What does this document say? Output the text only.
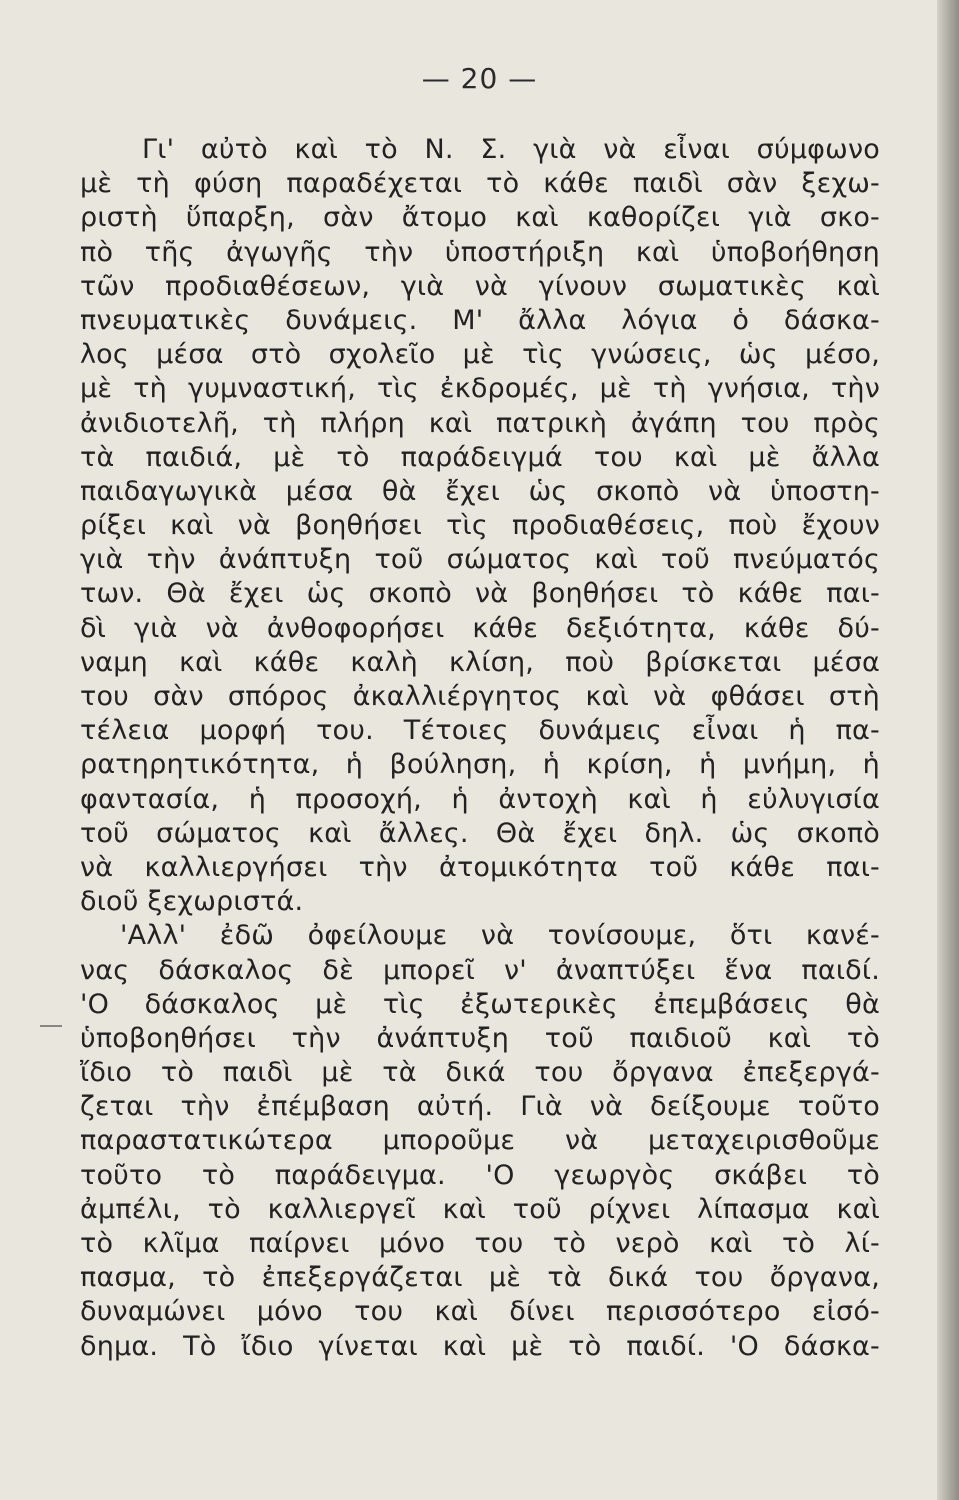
— 20 —
Γι' αὐτὸ καὶ τὸ Ν. Σ. γιὰ νὰ εἶναι σύμφωνο
μὲ τὴ φύση παραδέχεται τὸ κάθε παιδὶ σὰν ξεχω-
ριστὴ ὕπαρξη, σὰν ἄτομο καὶ καθορίζει γιὰ σκο-
πὸ τῆς ἀγωγῆς τὴν ὑποστήριξη καὶ ὑποβοήθηση
τῶν προδιαθέσεων, γιὰ νὰ γίνουν σωματικὲς καὶ
πνευματικὲς δυνάμεις. Μ' ἄλλα λόγια ὁ δάσκα-
λος μέσα στὸ σχολεῖο μὲ τὶς γνώσεις, ὡς μέσο,
μὲ τὴ γυμναστική, τὶς ἐκδρομές, μὲ τὴ γνήσια, τὴν
ἀνιδιοτελῆ, τὴ πλήρη καὶ πατρικὴ ἀγάπη του πρὸς
τὰ παιδιά, μὲ τὸ παράδειγμά του καὶ μὲ ἄλλα
παιδαγωγικὰ μέσα θὰ ἔχει ὡς σκοπὸ νὰ ὑποστη-
ρίξει καὶ νὰ βοηθήσει τὶς προδιαθέσεις, ποὺ ἔχουν
γιὰ τὴν ἀνάπτυξη τοῦ σώματος καὶ τοῦ πνεύματός
των. Θὰ ἔχει ὡς σκοπὸ νὰ βοηθήσει τὸ κάθε παι-
δὶ γιὰ νὰ ἀνθοφορήσει κάθε δεξιότητα, κάθε δύ-
ναμη καὶ κάθε καλὴ κλίση, ποὺ βρίσκεται μέσα
του σὰν σπόρος ἀκαλλιέργητος καὶ νὰ φθάσει στὴ
τέλεια μορφή του. Τέτοιες δυνάμεις εἶναι ἡ πα-
ρατηρητικότητα, ἡ βούληση, ἡ κρίση, ἡ μνήμη, ἡ
φαντασία, ἡ προσοχή, ἡ ἀντοχὴ καὶ ἡ εὐλυγισία
τοῦ σώματος καὶ ἄλλες. Θὰ ἔχει δηλ. ὡς σκοπὸ
νὰ καλλιεργήσει τὴν ἀτομικότητα τοῦ κάθε παι-
διοῦ ξεχωριστά.
'Αλλ' ἐδῶ ὀφείλουμε νὰ τονίσουμε, ὅτι κανέ-
νας δάσκαλος δὲ μπορεῖ ν' ἀναπτύξει ἕνα παιδί.
'Ο δάσκαλος μὲ τὶς ἐξωτερικὲς ἐπεμβάσεις θὰ
ὑποβοηθήσει τὴν ἀνάπτυξη τοῦ παιδιοῦ καὶ τὸ
ἴδιο τὸ παιδὶ μὲ τὰ δικά του ὄργανα ἐπεξεργά-
ζεται τὴν ἐπέμβαση αὐτή. Γιὰ νὰ δείξουμε τοῦτο
παραστατικώτερα μποροῦμε νὰ μεταχειρισθοῦμε
τοῦτο τὸ παράδειγμα. 'Ο γεωργὸς σκάβει τὸ
ἀμπέλι, τὸ καλλιεργεῖ καὶ τοῦ ρίχνει λίπασμα καὶ
τὸ κλῖμα παίρνει μόνο του τὸ νερὸ καὶ τὸ λί-
πασμα, τὸ ἐπεξεργάζεται μὲ τὰ δικά του ὄργανα,
δυναμώνει μόνο του καὶ δίνει περισσότερο εἰσό-
δημα. Τὸ ἴδιο γίνεται καὶ μὲ τὸ παιδί. 'Ο δάσκα-
